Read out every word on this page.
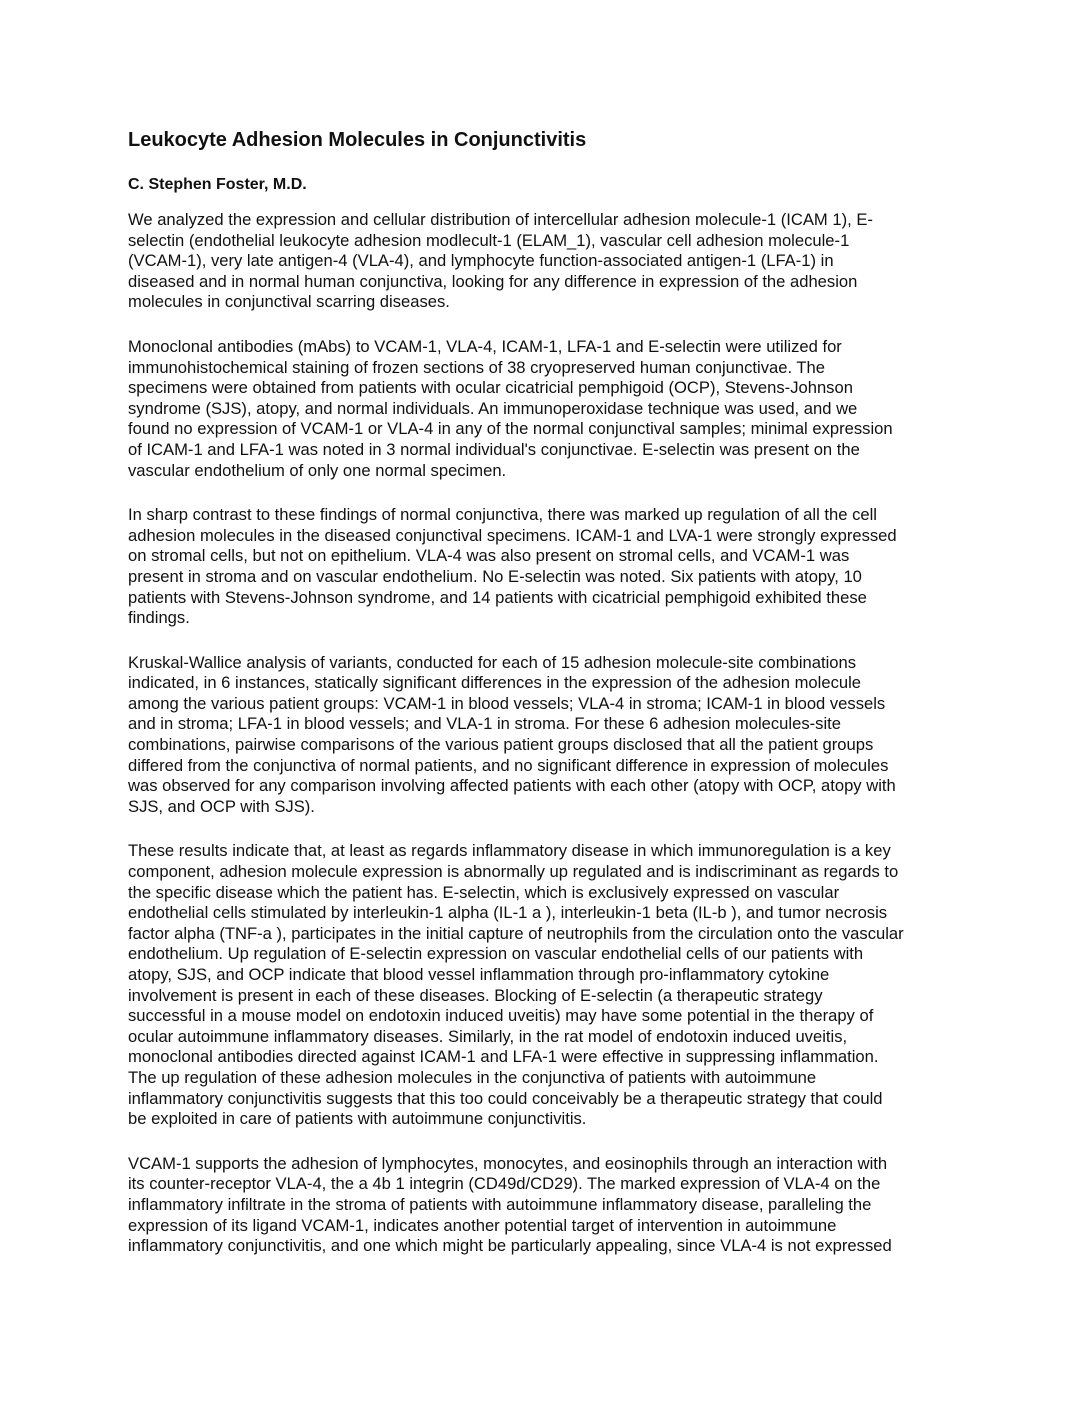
Leukocyte Adhesion Molecules in Conjunctivitis
C. Stephen Foster, M.D.

We analyzed the expression and cellular distribution of intercellular adhesion molecule-1 (ICAM 1), E-
selectin (endothelial leukocyte adhesion modlecult-1 (ELAM_1), vascular cell adhesion molecule-1
(VCAM-1), very late antigen-4 (VLA-4), and lymphocyte function-associated antigen-1 (LFA-1) in
diseased and in normal human conjunctiva, looking for any difference in expression of the adhesion
molecules in conjunctival scarring diseases.

Monoclonal antibodies (mAbs) to VCAM-1, VLA-4, ICAM-1, LFA-1 and E-selectin were utilized for
immunohistochemical staining of frozen sections of 38 cryopreserved human conjunctivae. The
specimens were obtained from patients with ocular cicatricial pemphigoid (OCP), Stevens-Johnson
syndrome (SJS), atopy, and normal individuals. An immunoperoxidase technique was used, and we
found no expression of VCAM-1 or VLA-4 in any of the normal conjunctival samples; minimal expression
of ICAM-1 and LFA-1 was noted in 3 normal individual's conjunctivae. E-selectin was present on the
vascular endothelium of only one normal specimen.

In sharp contrast to these findings of normal conjunctiva, there was marked up regulation of all the cell
adhesion molecules in the diseased conjunctival specimens. ICAM-1 and LVA-1 were strongly expressed
on stromal cells, but not on epithelium. VLA-4 was also present on stromal cells, and VCAM-1 was
present in stroma and on vascular endothelium. No E-selectin was noted. Six patients with atopy, 10
patients with Stevens-Johnson syndrome, and 14 patients with cicatricial pemphigoid exhibited these
findings.

Kruskal-Wallice analysis of variants, conducted for each of 15 adhesion molecule-site combinations
indicated, in 6 instances, statically significant differences in the expression of the adhesion molecule
among the various patient groups: VCAM-1 in blood vessels; VLA-4 in stroma; ICAM-1 in blood vessels
and in stroma; LFA-1 in blood vessels; and VLA-1 in stroma. For these 6 adhesion molecules-site
combinations, pairwise comparisons of the various patient groups disclosed that all the patient groups
differed from the conjunctiva of normal patients, and no significant difference in expression of molecules
was observed for any comparison involving affected patients with each other (atopy with OCP, atopy with
SJS, and OCP with SJS).

These results indicate that, at least as regards inflammatory disease in which immunoregulation is a key
component, adhesion molecule expression is abnormally up regulated and is indiscriminant as regards to
the specific disease which the patient has. E-selectin, which is exclusively expressed on vascular
endothelial cells stimulated by interleukin-1 alpha (IL-1 a ), interleukin-1 beta (IL-b ), and tumor necrosis
factor alpha (TNF-a ), participates in the initial capture of neutrophils from the circulation onto the vascular
endothelium. Up regulation of E-selectin expression on vascular endothelial cells of our patients with
atopy, SJS, and OCP indicate that blood vessel inflammation through pro-inflammatory cytokine
involvement is present in each of these diseases. Blocking of E-selectin (a therapeutic strategy
successful in a mouse model on endotoxin induced uveitis) may have some potential in the therapy of
ocular autoimmune inflammatory diseases. Similarly, in the rat model of endotoxin induced uveitis,
monoclonal antibodies directed against ICAM-1 and LFA-1 were effective in suppressing inflammation.
The up regulation of these adhesion molecules in the conjunctiva of patients with autoimmune
inflammatory conjunctivitis suggests that this too could conceivably be a therapeutic strategy that could
be exploited in care of patients with autoimmune conjunctivitis.

VCAM-1 supports the adhesion of lymphocytes, monocytes, and eosinophils through an interaction with
its counter-receptor VLA-4, the a 4b 1 integrin (CD49d/CD29). The marked expression of VLA-4 on the
inflammatory infiltrate in the stroma of patients with autoimmune inflammatory disease, paralleling the
expression of its ligand VCAM-1, indicates another potential target of intervention in autoimmune
inflammatory conjunctivitis, and one which might be particularly appealing, since VLA-4 is not expressed
